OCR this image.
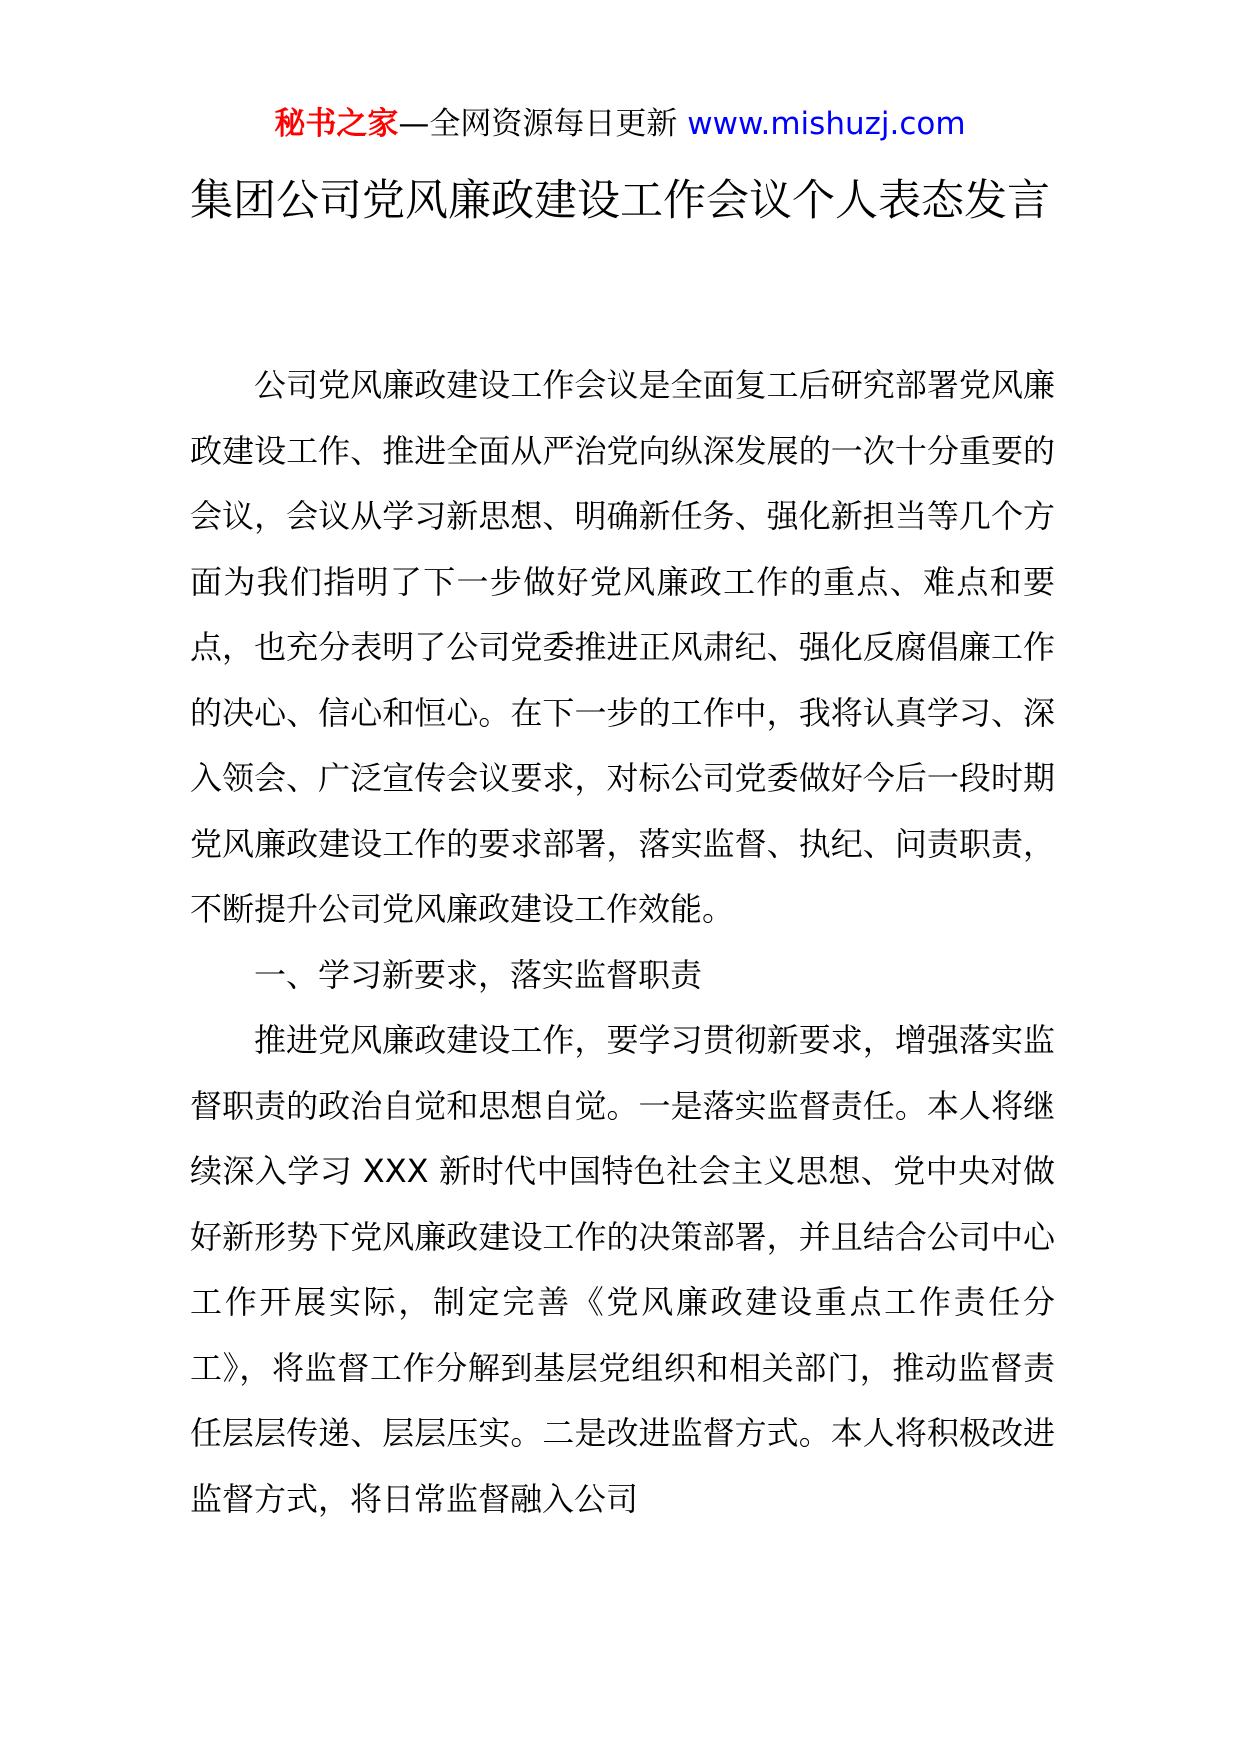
秘书之家—全网资源每日更新 www.mishuzj.com
集团公司党风廉政建设工作会议个人表态发言

公司党风廉政建设工作会议是全面复工后研究部署党风廉政建设工作、推进全面从严治党向纵深发展的一次十分重要的会议，会议从学习新思想、明确新任务、强化新担当等几个方面为我们指明了下一步做好党风廉政工作的重点、难点和要点，也充分表明了公司党委推进正风肃纪、强化反腐倡廉工作的决心、信心和恒心。在下一步的工作中，我将认真学习、深入领会、广泛宣传会议要求，对标公司党委做好今后一段时期党风廉政建设工作的要求部署，落实监督、执纪、问责职责，不断提升公司党风廉政建设工作效能。

一、学习新要求，落实监督职责

推进党风廉政建设工作，要学习贯彻新要求，增强落实监督职责的政治自觉和思想自觉。一是落实监督责任。本人将继续深入学习 XXX 新时代中国特色社会主义思想、党中央对做好新形势下党风廉政建设工作的决策部署，并且结合公司中心工作开展实际，制定完善《党风廉政建设重点工作责任分工》，将监督工作分解到基层党组织和相关部门，推动监督责任层层传递、层层压实。二是改进监督方式。本人将积极改进监督方式，将日常监督融入公司
